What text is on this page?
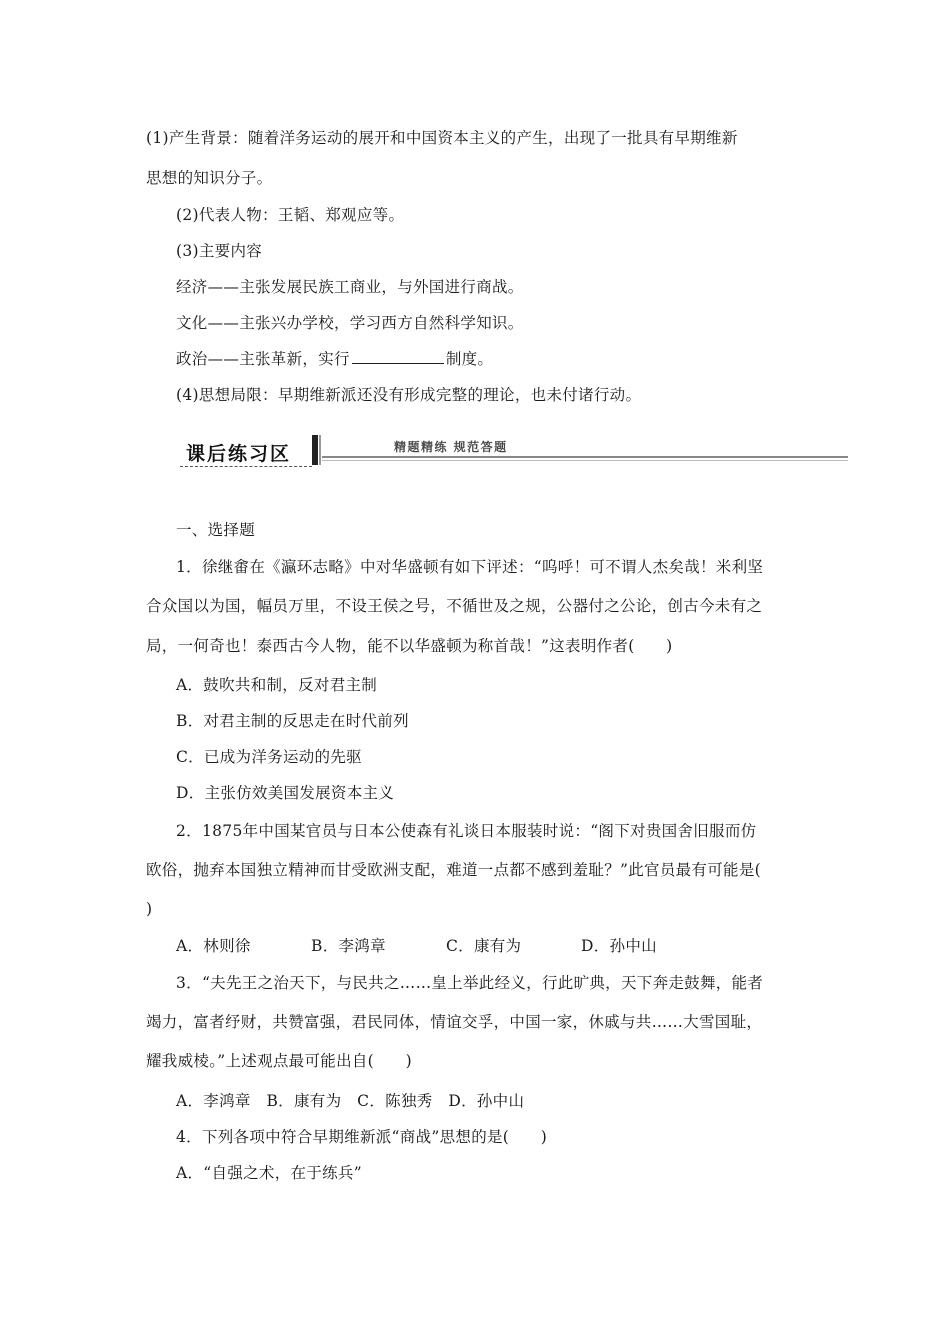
(1)产生背景：随着洋务运动的展开和中国资本主义的产生，出现了一批具有早期维新
思想的知识分子。
(2)代表人物：王韬、郑观应等。
(3)主要内容
经济——主张发展民族工商业，与外国进行商战。
文化——主张兴办学校，学习西方自然科学知识。
政治——主张革新，实行	制度。
(4)思想局限：早期维新派还没有形成完整的理论，也未付诸行动。
课后练习区	精题精练 规范答题
一、选择题
1．徐继畬在《瀛环志略》中对华盛顿有如下评述：“呜呼！可不谓人杰矣哉！米利坚
合众国以为国，幅员万里，不设王侯之号，不循世及之规，公器付之公论，创古今未有之
局，一何奇也！泰西古今人物，能不以华盛顿为称首哉！”这表明作者(　　)
A．鼓吹共和制，反对君主制
B．对君主制的反思走在时代前列
C．已成为洋务运动的先驱
D．主张仿效美国发展资本主义
2．1875年中国某官员与日本公使森有礼谈日本服装时说：“阁下对贵国舍旧服而仿
欧俗，抛弃本国独立精神而甘受欧洲支配，难道一点都不感到羞耻？”此官员最有可能是(
)
A．林则徐	B．李鸿章	C．康有为	D．孙中山
3．“夫先王之治天下，与民共之……皇上举此经义，行此旷典，天下奔走鼓舞，能者
竭力，富者纾财，共赞富强，君民同体，情谊交孚，中国一家，休戚与共……大雪国耻，
耀我威棱。”上述观点最可能出自(　　)
A．李鸿章　B．康有为　C．陈独秀　D．孙中山
4．下列各项中符合早期维新派“商战”思想的是(　　)
A．“自强之术，在于练兵”
